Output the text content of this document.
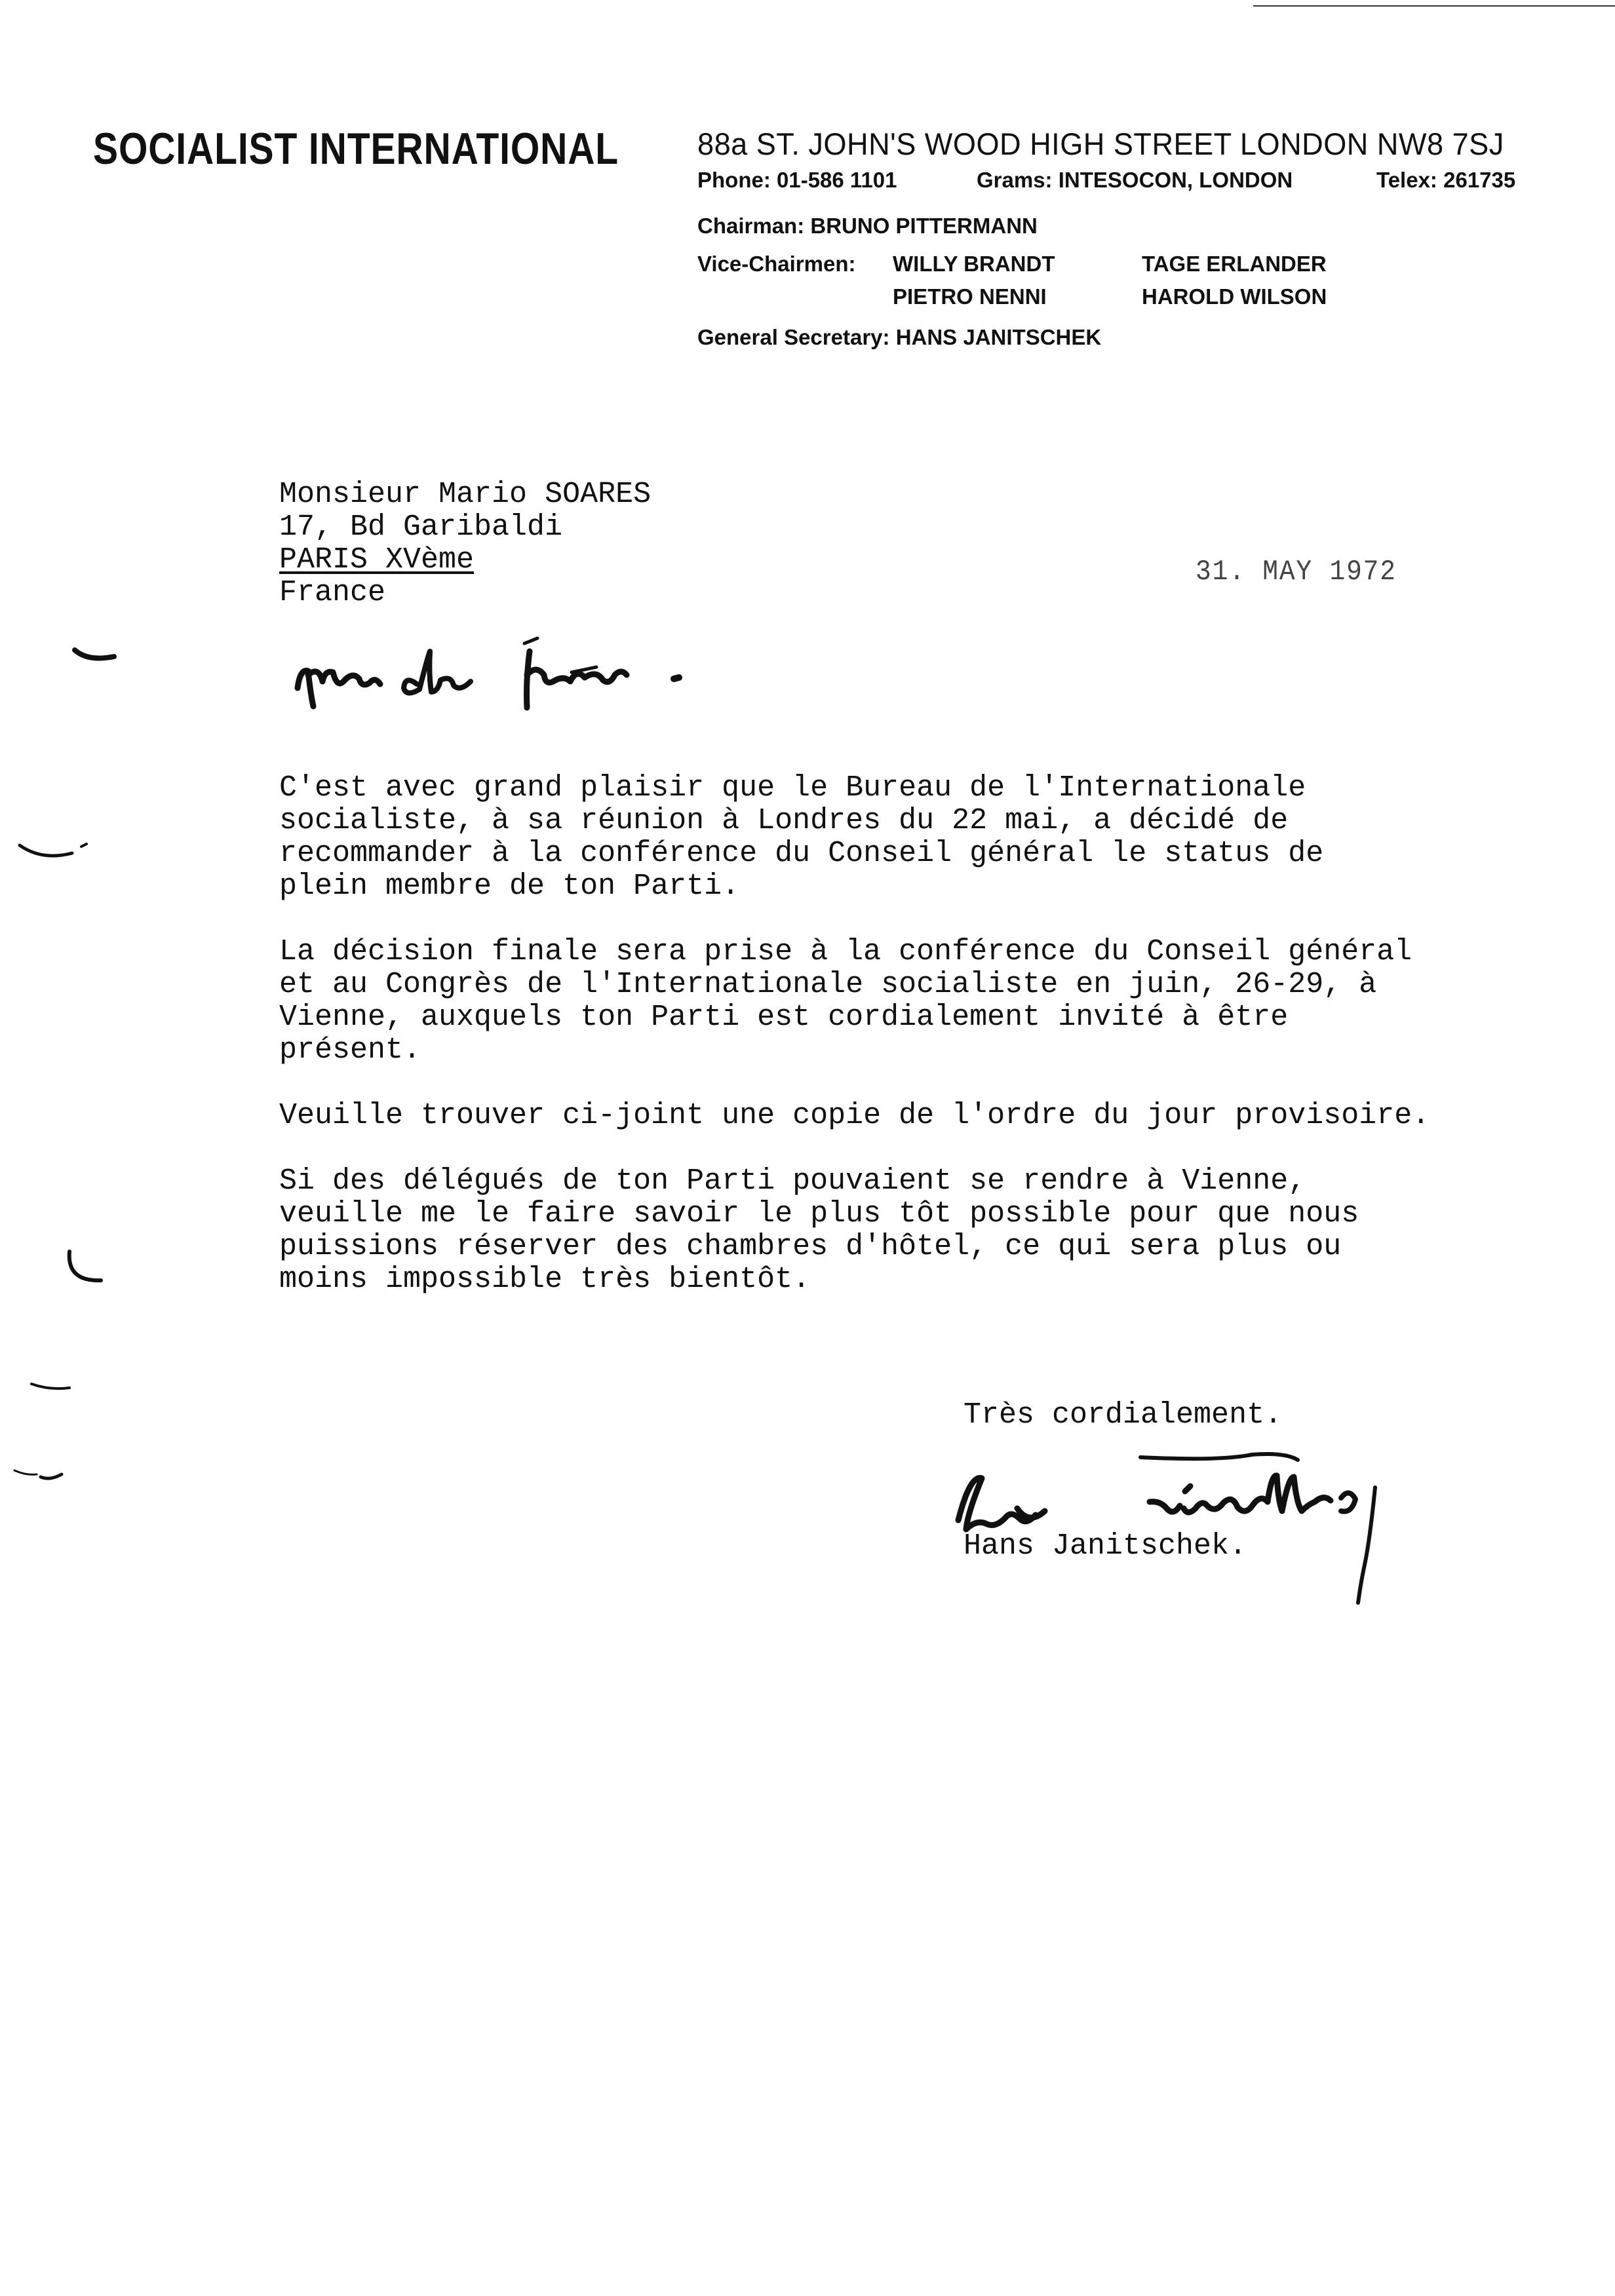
SOCIALIST INTERNATIONAL	88a ST. JOHN'S WOOD HIGH STREET LONDON NW8 7SJ
Phone: 01-586 1101	Grams: INTESOCON, LONDON	Telex: 261735
Chairman: BRUNO PITTERMANN
Vice-Chairmen: WILLY BRANDT	TAGE ERLANDER
PIETRO NENNI	HAROLD WILSON
General Secretary: HANS JANITSCHEK
Monsieur Mario SOARES
17, Bd Garibaldi
PARIS XVème
France
31. MAY 1972
C'est avec grand plaisir que le Bureau de l'Internationale
socialiste, à sa réunion à Londres du 22 mai, a décidé de
recommander à la conférence du Conseil général le status de
plein membre de ton Parti.
La décision finale sera prise à la conférence du Conseil général
et au Congrès de l'Internationale socialiste en juin, 26-29, à
Vienne, auxquels ton Parti est cordialement invité à être
présent.
Veuille trouver ci-joint une copie de l'ordre du jour provisoire.
Si des délégués de ton Parti pouvaient se rendre à Vienne,
veuille me le faire savoir le plus tôt possible pour que nous
puissions réserver des chambres d'hôtel, ce qui sera plus ou
moins impossible très bientôt.
Très cordialement.
Hans Janitschek.
